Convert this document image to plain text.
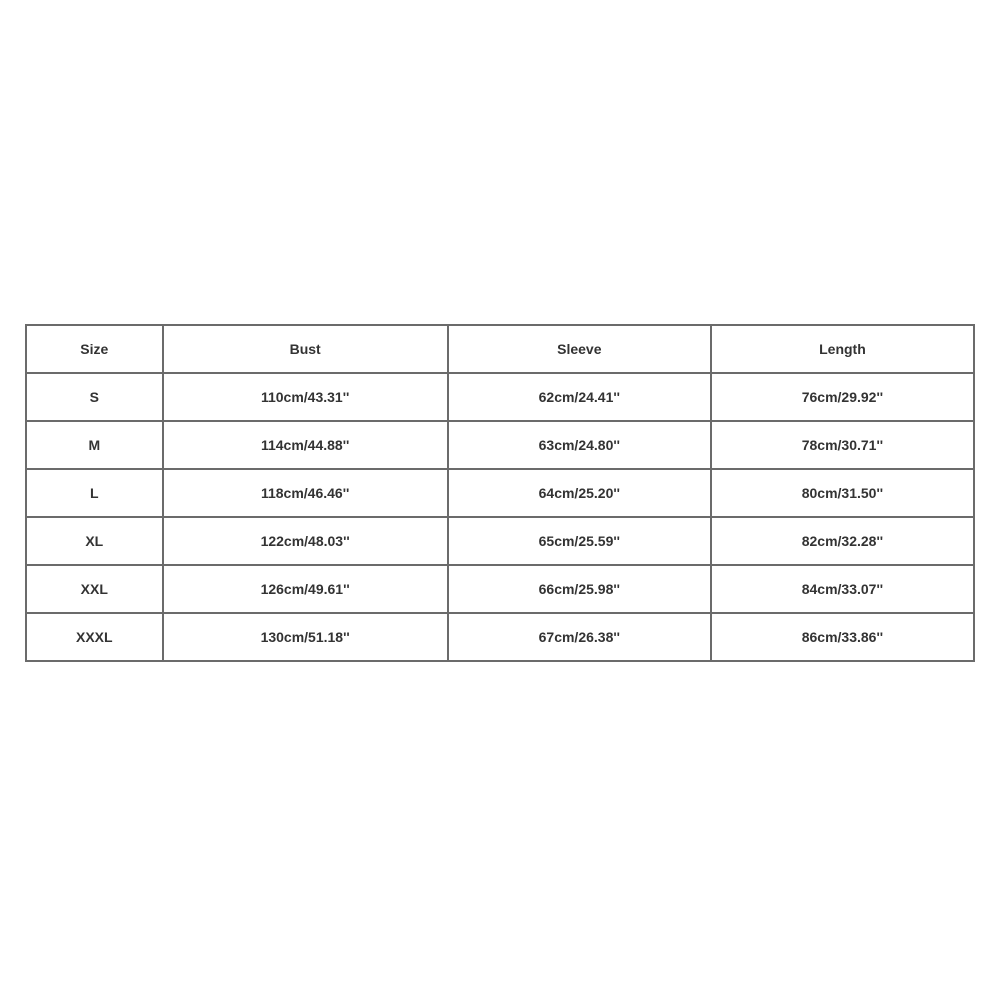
Size	Bust	Sleeve	Length
S	110cm/43.31''	62cm/24.41''	76cm/29.92''
M	114cm/44.88''	63cm/24.80''	78cm/30.71''
L	118cm/46.46''	64cm/25.20''	80cm/31.50''
XL	122cm/48.03''	65cm/25.59''	82cm/32.28''
XXL	126cm/49.61''	66cm/25.98''	84cm/33.07''
XXXL	130cm/51.18''	67cm/26.38''	86cm/33.86''
